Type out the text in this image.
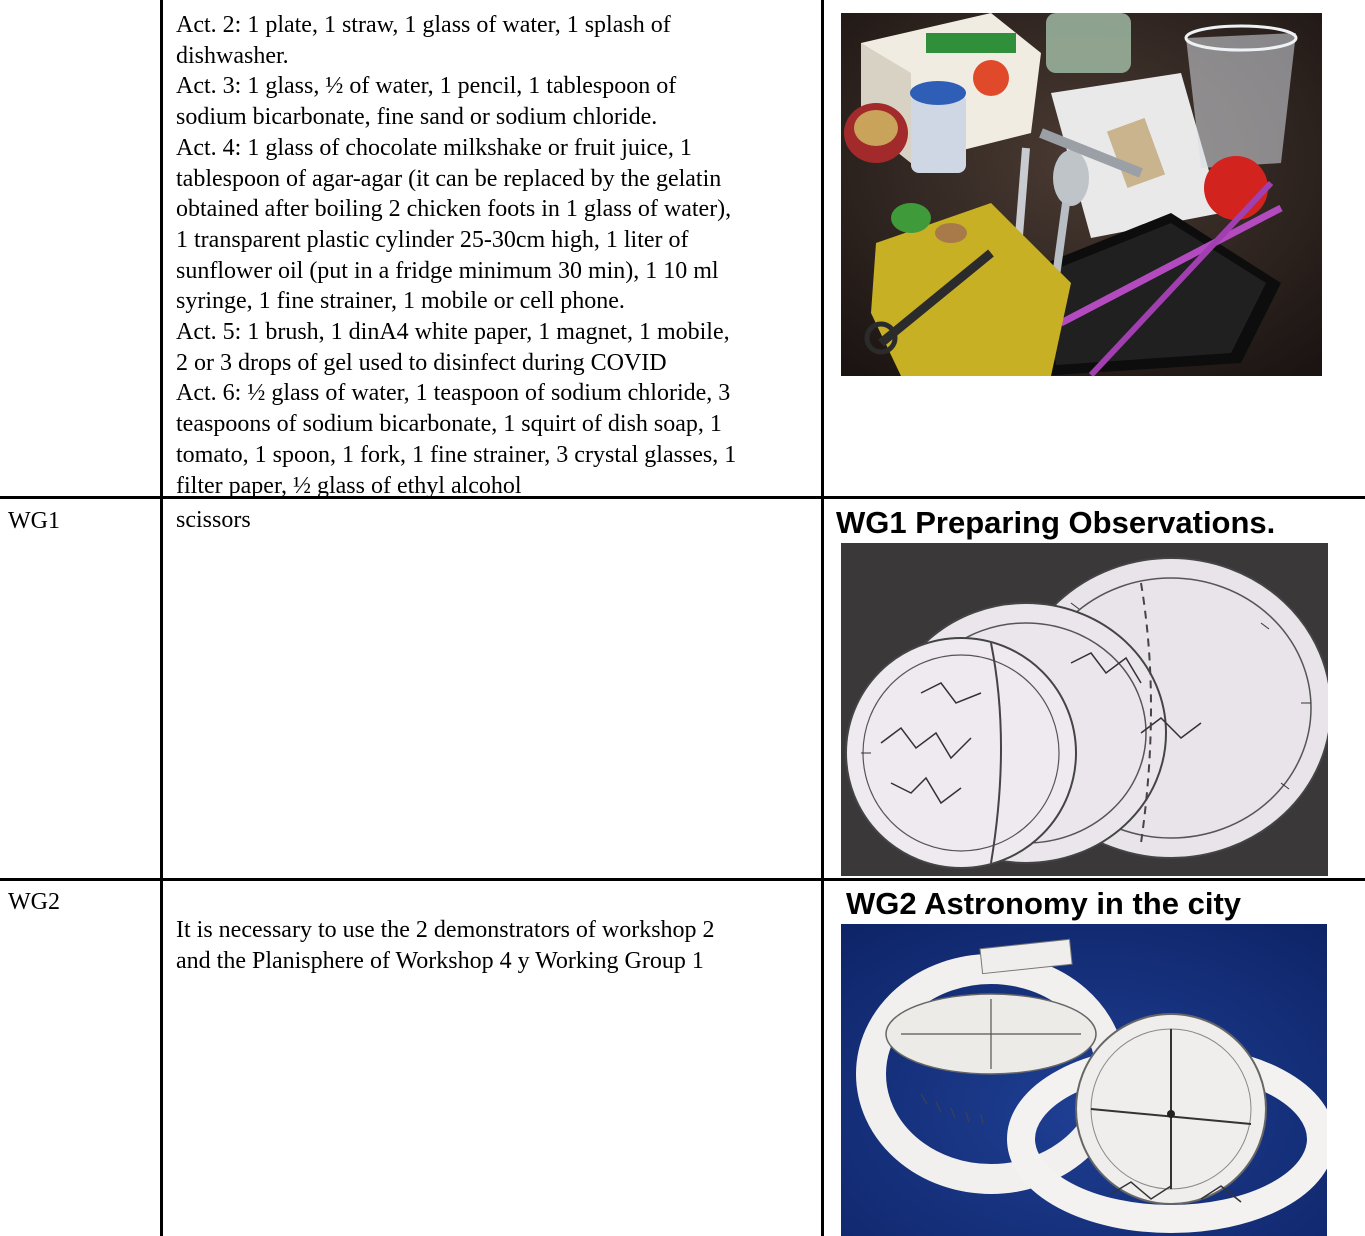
Act. 2: 1 plate, 1 straw, 1 glass of water, 1 splash of
dishwasher.
Act. 3: 1 glass, ½ of water, 1 pencil, 1 tablespoon of
sodium bicarbonate, fine sand or sodium chloride.
Act. 4: 1 glass of chocolate milkshake or fruit juice, 1
tablespoon of agar-agar (it can be replaced by the gelatin
obtained after boiling 2 chicken foots in 1 glass of water),
1 transparent plastic cylinder 25-30cm high, 1 liter of
sunflower oil (put in a fridge minimum 30 min), 1 10 ml
syringe, 1 fine strainer, 1 mobile or cell phone.
Act. 5: 1 brush, 1 dinA4 white paper, 1 magnet, 1 mobile,
2 or 3 drops of gel used to disinfect during COVID
Act. 6: ½ glass of water, 1 teaspoon of sodium chloride, 3
teaspoons of sodium bicarbonate, 1 squirt of dish soap, 1
tomato, 1 spoon, 1 fork, 1 fine strainer, 3 crystal glasses, 1
filter paper, ½ glass of ethyl alcohol
WG1	scissors	WG1 Preparing Observations.
WG2
It is necessary to use the 2 demonstrators of workshop 2
and the Planisphere of Workshop 4 y Working Group 1
WG2 Astronomy in the city
